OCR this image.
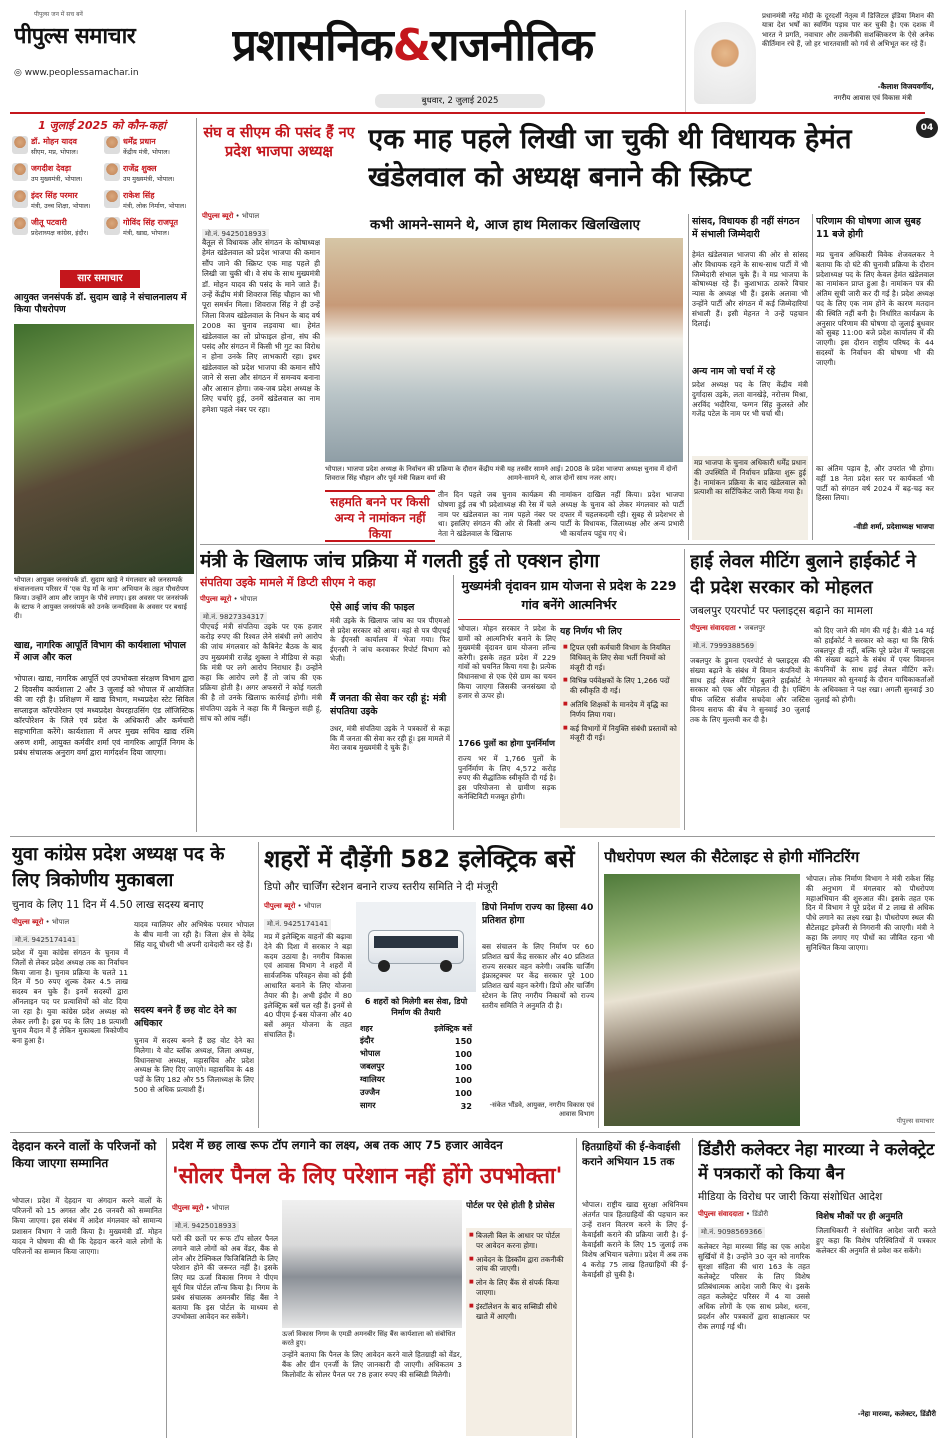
पीपुल्स जन में सच बनें
पीपुल्स समाचार
◎ www.peoplessamachar.in
प्रशासनिक&राजनीतिक
बुधवार, 2 जुलाई 2025
प्रधानमंत्री नरेंद्र मोदी के दूरदर्शी नेतृत्व में डिजिटल इंडिया मिशन की यात्रा देश भर्षों का स्वर्णिम पड़ाव पार कर चुकी है। एक दशक में भारत ने प्रगति, नवाचार और तकनीकी सशक्तिकरण के ऐसे अनेक कीर्तिमान रचे हैं, जो हर भारतवासी को गर्व से अभिभूत कर रहे हैं।
-कैलाश विजयवर्गीय,
नगरीय आवास एवं विकास मंत्री
04
1 जुलाई 2025 को कौन-कहां
डॉ. मोहन यादव
सीएम, मप्र, भोपाल।
धर्मेंद्र प्रधान
केंद्रीय मंत्री, भोपाल।
जगदीश देवड़ा
उप मुख्यमंत्री, भोपाल।
राजेंद्र शुक्ल
उप मुख्यमंत्री, भोपाल।
इंदर सिंह परमार
मंत्री, उच्च शिक्षा, भोपाल।
राकेश सिंह
मंत्री, लोक निर्माण, भोपाल।
जीतू पटवारी
प्रदेशाध्यक्ष कांग्रेस, इंदौर।
गोविंद सिंह राजपूत
मंत्री, खाद्य, भोपाल।
सार समाचार
आयुक्त जनसंपर्क डॉ. सुदाम खाड़े ने संचालनालय में किया पौधरोपण
भोपाल। आयुक्त जनसंपर्क डॉ. सुदाम खाड़े ने मंगलवार को जनसम्पर्क संचालनालय परिसर में 'एक पेड़ माँ के नाम' अभियान के तहत पौधरोपण किया। उन्होंने आम और जामुन के पौधे लगाए। इस अवसर पर जनसंपर्क के स्टाफ ने आयुक्त जनसंपर्क को उनके जन्मदिवस के अवसर पर बधाई दी।
खाद्य, नागरिक आपूर्ति विभाग की कार्यशाला भोपाल में आज और कल
भोपाल। खाद्य, नागरिक आपूर्ति एवं उपभोक्ता संरक्षण विभाग द्वारा 2 दिवसीय कार्यशाला 2 और 3 जुलाई को भोपाल में आयोजित की जा रही है। प्रशिक्षण में खाद्य विभाग, मध्यप्रदेश स्टेट सिविल सप्लाइज कॉरपोरेशन एवं मध्यप्रदेश वेयरहाउसिंग एंड लॉजिस्टिक कॉरपोरेशन के जिले एवं प्रदेश के अधिकारी और कर्मचारी सहभागिता करेंगे। कार्यशाला में अपर मुख्य सचिव खाद्य रश्मि अरुण शमी, आयुक्त कर्मवीर शर्मा एवं नागरिक आपूर्ति निगम के प्रबंध संचालक अनुराग वर्मा द्वारा मार्गदर्शन दिया जाएगा।
संघ व सीएम की पसंद हैं नए प्रदेश भाजपा अध्यक्ष	एक माह पहले लिखी जा चुकी थी विधायक हेमंत खंडेलवाल को अध्यक्ष बनाने की स्क्रिप्ट
पीपुल्स ब्यूरो • भोपाल
मो.नं. 9425018933
कभी आमने-सामने थे, आज हाथ मिलाकर खिलखिलाए
भोपाल। भाजपा प्रदेश अध्यक्ष के निर्वाचन की प्रक्रिया के दौरान केंद्रीय मंत्री शिवराज सिंह चौहान और पूर्व मंत्री विक्रम वर्मा की
यह तस्वीर सामने आई। 2008 के प्रदेश भाजपा अध्यक्ष चुनाव में दोनों आमने-सामने थे, आज दोनों साथ नजर आए।
बैतूल से विधायक और संगठन के कोषाध्यक्ष हेमंत खंडेलवाल को प्रदेश भाजपा की कमान सौंप जाने की स्क्रिप्ट एक माह पहले ही लिखी जा चुकी थी। वे संघ के साथ मुख्यमंत्री डॉ. मोहन यादव की पसंद के माने जाते हैं। उन्हें केंद्रीय मंत्री शिवराज सिंह चौहान का भी पूरा समर्थन मिला। शिवराज सिंह ने ही उन्हें जिला विजय खंडेलवाल के निधन के बाद वर्ष 2008 का चुनाव लड़वाया था। हेमंत खंडेलवाल का लो प्रोफाइल होना, संघ की पसंद और संगठन में किसी भी गुट का विरोध न होना उनके लिए लाभकारी रहा। इधर खंडेलवाल को प्रदेश भाजपा की कमान सौंपे जाने से सत्ता और संगठन में समन्वय बनाना और आसान होगा। जब-जब प्रदेश अध्यक्ष के लिए चर्चाएं हुई, उनमें खंडेलवाल का नाम हमेशा पहले नंबर पर रहा।
सहमति बनने पर किसी अन्य ने नामांकन नहीं किया
तीन दिन पहले जब चुनाव कार्यक्रम की घोषणा हुई तब भी प्रदेशाध्यक्ष की रेस में चले नाम पर खंडेलवाल का नाम पहले नंबर पर था। इसलिए संगठन की ओर से किसी अन्य नेता ने खंडेलवाल के खिलाफ
नामांकन दाखिल नहीं किया। प्रदेश भाजपा अध्यक्ष के चुनाव को लेकर मंगलवार को पार्टी दफ्तर में चहलकदमी रही। सुबह से प्रदेशभर से पार्टी के विधायक, जिलाध्यक्ष और अन्य प्रभारी भी कार्यालय पहुंच गए थे।
सांसद, विधायक ही नहीं संगठन में संभाली जिम्मेदारी
हेमंत खंडेलवाल भाजपा की ओर से सांसद और विधायक रहने के साथ-साथ पार्टी में भी जिम्मेदारी संभाल चुके हैं। वे मप्र भाजपा के कोषाध्यक्ष रहे हैं। कुशाभाऊ ठाकरे विचार न्यास के अध्यक्ष भी हैं। इसके अलावा भी उन्होंने पार्टी और संगठन में कई जिम्मेदारियां संभाली हैं। इसी मेहनत ने उन्हें पहचान दिलाई।
अन्य नाम जो चर्चा में रहे
प्रदेश अध्यक्ष पद के लिए केंद्रीय मंत्री दुर्गादास उइके, लता वानखेड़े, नरोत्तम मिश्रा, अरविंद भदौरिया, फग्गन सिंह कुलस्ते और गजेंद्र पटेल के नाम पर भी चर्चा थी।
मप्र भाजपा के चुनाव अधिकारी धर्मेंद्र प्रधान की उपस्थिति में निर्वाचन प्रक्रिया शुरू हुई है। नामांकन प्रक्रिया के बाद खंडेलवाल को प्रत्याशी का सर्टिफिकेट जारी किया गया है।
परिणाम की घोषणा आज सुबह 11 बजे होगी
मप्र चुनाव अधिकारी विवेक शेजवलकर ने बताया कि दो घंटे की चुनावी प्रक्रिया के दौरान प्रदेशाध्यक्ष पद के लिए केवल हेमंत खंडेलवाल का नामांकन प्राप्त हुआ है। नामांकन पत्र की अंतिम सूची जारी कर दी गई है। प्रदेश अध्यक्ष पद के लिए एक नाम होने के कारण मतदान की स्थिति नहीं बनी है। निर्धारित कार्यक्रम के अनुसार परिणाम की घोषणा दो जुलाई बुधवार को सुबह 11:00 बजे प्रदेश कार्यालय में की जाएगी। इस दौरान राष्ट्रीय परिषद के 44 सदस्यों के निर्वाचन की घोषणा भी की जाएगी।
का अंतिम पड़ाव है, और उपरांत भी होगा। वहीं 18 नेता प्रदेश स्तर पर कार्यकर्ता भी पार्टी को संगठन वर्ष 2024 में बढ़-चढ़ कर हिस्सा लिया।
-वीडी शर्मा, प्रदेशाध्यक्ष भाजपा
मंत्री के खिलाफ जांच प्रक्रिया में गलती हुई तो एक्शन होगा
संपतिया उइके मामले में डिप्टी सीएम ने कहा
पीपुल्स ब्यूरो • भोपाल
मो.नं. 9827334317
पीएचई मंत्री संपतिया उइके पर एक हजार करोड़ रुपए की रिश्वत लेने संबंधी लगे आरोप की जांच मंगलवार को कैबिनेट बैठक के बाद उप मुख्यमंत्री राजेंद्र शुक्ला ने मीडिया से कहा कि मंत्री पर लगे आरोप निराधार हैं। उन्होंने कहा कि आरोप लगे हैं तो जांच की एक प्रक्रिया होती है। अगर अफसरों ने कोई गलती की है तो उनके खिलाफ कार्रवाई होगी। मंत्री संपतिया उइके ने कहा कि मैं बिल्कुल सही हूं, सांच को आंच नहीं।
ऐसे आई जांच की फाइल
मंत्री उइके के खिलाफ जांच का पत्र पीएमओ से प्रदेश सरकार को आया। वहां से पत्र पीएचई के ईएनसी कार्यालय में भेजा गया। फिर ईएनसी ने जांच करवाकर रिपोर्ट विभाग को भेजी।
मैं जनता की सेवा कर रही हूं: मंत्री संपतिया उइके
उधर, मंत्री संपतिया उइके ने पत्रकारों से कहा कि मैं जनता की सेवा कर रही हूं। इस मामले में मेरा जवाब मुख्यमंत्री दे चुके हैं।
मुख्यमंत्री वृंदावन ग्राम योजना से प्रदेश के 229 गांव बनेंगे आत्मनिर्भर
भोपाल। मोहन सरकार ने प्रदेश के ग्रामों को आत्मनिर्भर बनाने के लिए मुख्यमंत्री वृंदावन ग्राम योजना लॉन्च करेगी। इसके तहत प्रदेश में 229 गांवों को चयनित किया गया है। प्रत्येक विधानसभा से एक ऐसे ग्राम का चयन किया जाएगा जिसकी जनसंख्या दो हजार से ऊपर हो।
1766 पुलों का होगा पुनर्निर्माण
राज्य भर में 1,766 पुलों के पुनर्निर्माण के लिए 4,572 करोड़ रुपए की सैद्धांतिक स्वीकृति दी गई है। इस परियोजना से ग्रामीण सड़क कनेक्टिविटी मजबूत होगी।
यह निर्णय भी लिए
■ ट्रिपल एसी कर्मचारी विभाग के नियमित विधिवत् के लिए सेवा भर्ती नियमों को मंजूरी दी गई।
■ विभिन्न पर्यवेक्षकों के लिए 1,266 पदों की स्वीकृति दी गई।
■ अतिथि शिक्षकों के मानदेय में वृद्धि का निर्णय लिया गया।
■ कई विभागों में नियुक्ति संबंधी प्रस्तावों को मंजूरी दी गई।
हाई लेवल मीटिंग बुलाने हाईकोर्ट ने दी प्रदेश सरकार को मोहलत
जबलपुर एयरपोर्ट पर फ्लाइट्स बढ़ाने का मामला
पीपुल्स संवाददाता • जबलपुर
मो.नं. 7999388569
जबलपुर के डुमना एयरपोर्ट से फ्लाइट्स की संख्या बढ़ाने के संबंध में विमान कंपनियों के साथ हाई लेवल मीटिंग बुलाने हाईकोर्ट ने सरकार को एक और मोहलत दी है। एक्टिंग चीफ जस्टिस संजीव सचदेवा और जस्टिस विनय सराफ की बेंच ने सुनवाई 30 जुलाई तक के लिए मुल्तवी कर दी है।
को दिए जाने की मांग की गई है। बीते 14 मई को हाईकोर्ट ने सरकार को कहा था कि सिर्फ जबलपुर ही नहीं, बल्कि पूरे प्रदेश में फ्लाइट्स की संख्या बढ़ाने के संबंध में एयर विमानन कंपनियों के साथ हाई लेवल मीटिंग करें। मंगलवार को सुनवाई के दौरान याचिकाकर्ताओं के अधिवक्ता ने पक्ष रखा। अगली सुनवाई 30 जुलाई को होगी।
युवा कांग्रेस प्रदेश अध्यक्ष पद के लिए त्रिकोणीय मुकाबला
चुनाव के लिए 11 दिन में 4.50 लाख सदस्य बनाए
पीपुल्स ब्यूरो • भोपाल
मो.नं. 9425174141
प्रदेश में युवा कांग्रेस संगठन के चुनाव में जिलों से लेकर प्रदेश अध्यक्ष तक का निर्वाचन किया जाना है। चुनाव प्रक्रिया के चलते 11 दिन में 50 रुपए शुल्क देकर 4.5 लाख सदस्य बन चुके हैं। इनमें सदस्यों द्वारा ऑनलाइन पद पर प्रत्याशियों को वोट दिया जा रहा है। युवा कांग्रेस प्रदेश अध्यक्ष को लेकर लगी है। इस पद के लिए 18 प्रत्याशी चुनाव मैदान में हैं लेकिन मुकाबला त्रिकोणीय बना हुआ है।
यादव ग्वालियर और अभिषेक परमार भोपाल के बीच मानी जा रही है। जिला क्षेत्र से देवेंद्र सिंह यादू चौधरी भी अपनी दावेदारी कर रहे हैं।
सदस्य बनने हैं छह वोट देने का अधिकार
चुनाव में सदस्य बनने हैं छह वोट देने का मिलेगा। ये वोट ब्लॉक अध्यक्ष, जिला अध्यक्ष, विधानसभा अध्यक्ष, महासचिव और प्रदेश अध्यक्ष के लिए दिए जाएंगे। महासचिव के 48 पदों के लिए 182 और 55 जिलाध्यक्ष के लिए 500 से अधिक प्रत्याशी हैं।
शहरों में दौड़ेंगी 582 इलेक्ट्रिक बसें
डिपो और चार्जिंग स्टेशन बनाने राज्य स्तरीय समिति ने दी मंजूरी
पीपुल्स ब्यूरो • भोपाल
मो.नं. 9425174141
मप्र में इलेक्ट्रिक वाहनों की बढ़ावा देने की दिशा में सरकार ने बड़ा कदम उठाया है। नगरीय विकास एवं आवास विभाग ने शहरों में सार्वजनिक परिवहन सेवा को ईवी आधारित बनाने के लिए योजना तैयार की है। अभी इंदौर में 80 इलेक्ट्रिक बसें चल रही हैं। इनमें से 40 पीएम ई-बस योजना और 40 बसें अमृत योजना के तहत संचालित हैं।
6 शहरों को मिलेगी बस सेवा, डिपो निर्माण की तैयारी
शहर	इलेक्ट्रिक बसें
इंदौर	150
भोपाल	100
जबलपुर	100
ग्वालियर	100
उज्जैन	100
सागर	32
डिपो निर्माण राज्य का हिस्सा 40 प्रतिशत होगा
बस संचालन के लिए निर्माण पर 60 प्रतिशत खर्च केंद्र सरकार और 40 प्रतिशत राज्य सरकार वहन करेगी। जबकि चार्जिंग इंफ्रास्ट्रक्चर पर केंद्र सरकार पूरे 100 प्रतिशत खर्च वहन करेगी। डिपो और चार्जिंग स्टेशन के लिए नगरीय निकायों को राज्य स्तरीय समिति ने अनुमति दी है।
-संकेत भौंडवे, आयुक्त, नगरीय विकास एवं आवास विभाग
पौधरोपण स्थल की सैटेलाइट से होगी मॉनिटरिंग
भोपाल। लोक निर्माण विभाग ने मंत्री राकेश सिंह की अनुभाग में मंगलवार को पौधरोपण महाअभियान की शुरुआत की। इसके तहत एक दिन में विभाग ने पूरे प्रदेश में 2 लाख से अधिक पौधे लगाने का लक्ष्य रखा है। पौधरोपण स्थल की सैटेलाइट इमेजरी से निगरानी की जाएगी। मंत्री ने कहा कि लगाए गए पौधों का जीवित रहना भी सुनिश्चित किया जाएगा।
पीपुल्स समाचार
देहदान करने वालों के परिजनों को किया जाएगा सम्मानित
भोपाल। प्रदेश में देहदान या अंगदान करने वालों के परिजनों को 15 अगस्त और 26 जनवरी को सम्मानित किया जाएगा। इस संबंध में आदेश मंगलवार को सामान्य प्रशासन विभाग ने जारी किया है। मुख्यमंत्री डॉ. मोहन यादव ने घोषणा की थी कि देहदान करने वाले लोगों के परिजनों का सम्मान किया जाएगा।
प्रदेश में छह लाख रूफ टॉप लगाने का लक्ष्य, अब तक आए 75 हजार आवेदन
'सोलर पैनल के लिए परेशान नहीं होंगे उपभोक्ता'
पीपुल्स ब्यूरो • भोपाल
मो.नं. 9425018933
घरों की छतों पर रूफ टॉप सोलर पैनल लगाने वाले लोगों को अब वेंडर, बैंक से लोन और टेक्निकल फिजिबिलिटी के लिए परेशान होने की जरूरत नहीं है। इसके लिए मप्र ऊर्जा विकास निगम ने पीएम सूर्य मित्र पोर्टल लॉन्च किया है। निगम के प्रबंध संचालक अमनबीर सिंह बैंस ने बताया कि इस पोर्टल के माध्यम से उपभोक्ता आवेदन कर सकेंगे।
ऊर्जा विकास निगम के एमडी अमनबीर सिंह बैंस कार्यशाला को संबोधित करते हुए।
उन्होंने बताया कि पैनल के लिए आवेदन करने वाले हितग्राही को वेंडर, बैंक और ग्रीन एनर्जी के लिए जानकारी दी जाएगी। अधिकतम 3 किलोवॉट के सोलर पैनल पर 78 हजार रुपए की सब्सिडी मिलेगी।
पोर्टल पर ऐसे होती है प्रोसेस
■ बिजली बिल के आधार पर पोर्टल पर आवेदन करना होगा।
■ आवेदन के डिस्कॉम द्वारा तकनीकी जांच की जाएगी।
■ लोन के लिए बैंक से संपर्क किया जाएगा।
■ इंस्टॉलेशन के बाद सब्सिडी सीधे खाते में आएगी।
हितग्राहियों की ई-केवाईसी कराने अभियान 15 तक
भोपाल। राष्ट्रीय खाद्य सुरक्षा अधिनियम अंतर्गत पात्र हितग्राहियों की पहचान कर उन्हें राशन वितरण करने के लिए ई-केवाईसी कराने की प्रक्रिया जारी है। ई-केवाईसी कराने के लिए 15 जुलाई तक विशेष अभियान चलेगा। प्रदेश में अब तक 4 करोड़ 75 लाख हितग्राहियों की ई-केवाईसी हो चुकी है।
डिंडौरी कलेक्टर नेहा मारव्या ने कलेक्ट्रेट में पत्रकारों को किया बैन
मीडिया के विरोध पर जारी किया संशोधित आदेश
पीपुल्स संवाददाता • डिंडौरी
मो.नं. 9098569366
कलेक्टर नेहा मारव्या सिंह का एक आदेश सुर्खियों में है। उन्होंने 30 जून को नागरिक सुरक्षा संहिता की धारा 163 के तहत कलेक्ट्रेट परिसर के लिए विशेष प्रतिबंधात्मक आदेश जारी किए थे। इसके तहत कलेक्ट्रेट परिसर में 4 या उससे अधिक लोगों के एक साथ प्रवेश, धरना, प्रदर्शन और पत्रकारों द्वारा साक्षात्कार पर रोक लगाई गई थी।
विशेष मौकों पर ही अनुमति
जिलाधिकारी ने संशोधित आदेश जारी करते हुए कहा कि विशेष परिस्थितियों में पत्रकार कलेक्टर की अनुमति से प्रवेश कर सकेंगे।
-नेहा मारव्या, कलेक्टर, डिंडौरी
